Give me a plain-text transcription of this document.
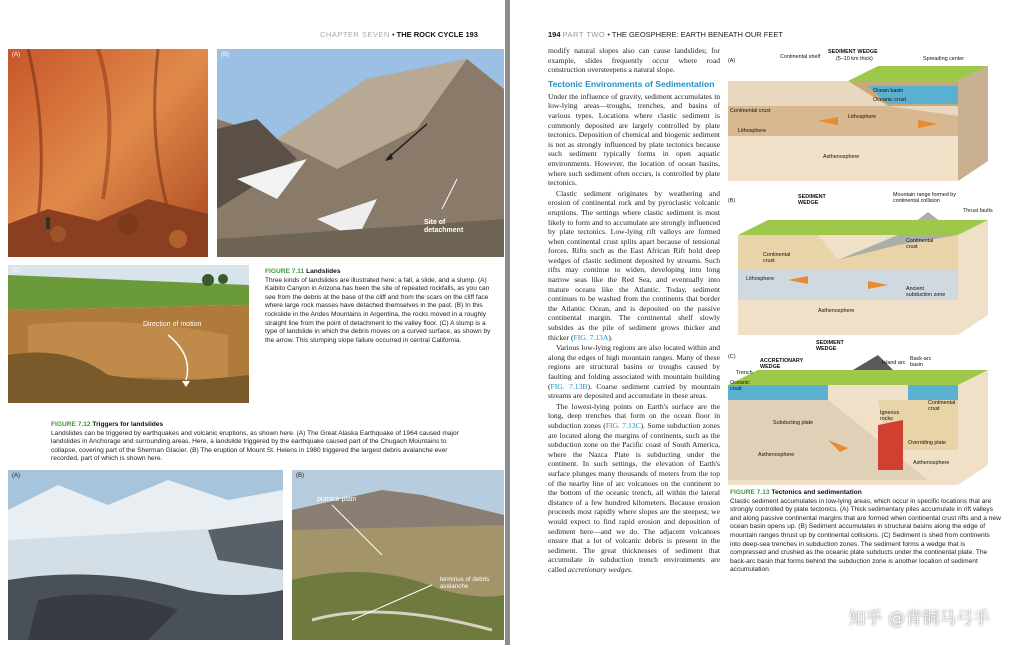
CHAPTER SEVEN • THE ROCK CYCLE 193
(A)	(B)
Site of detachment
(C)
Direction of motion
FIGURE 7.11 Landslides
Three kinds of landslides are illustrated here: a fall, a slide, and a slump. (A) Kaibito Canyon in Arizona has been the site of repeated rockfalls, as you can see from the debris at the base of the cliff and from the scars on the cliff face where large rock masses have detached themselves in the past. (B) In this rockslide in the Andes Mountains in Argentina, the rocks moved in a roughly straight line from the point of detachment to the valley floor. (C) A slump is a type of landslide in which the debris moves on a curved surface, as shown by the arrow. This slumping slope failure occurred in central California.
FIGURE 7.12 Triggers for landslides
Landslides can be triggered by earthquakes and volcanic eruptions, as shown here. (A) The Great Alaska Earthquake of 1964 caused major landslides in Anchorage and surrounding areas. Here, a landslide triggered by the earthquake caused part of the Chugach Mountains to collapse, covering part of the Sherman Glacier. (B) The eruption of Mount St. Helens in 1980 triggered the largest debris avalanche ever recorded, part of which is shown here.
(A)	(B)
pumice plain
terminus of debris avalanche
194 PART TWO • THE GEOSPHERE: EARTH BENEATH OUR FEET

modify natural slopes also can cause landslides; for example, slides frequently occur where road construction oversteepens a natural slope.

Tectonic Environments of Sedimentation

Under the influence of gravity, sediment accumulates in low-lying areas—troughs, trenches, and basins of various types. Locations where clastic sediment is commonly deposited are largely controlled by plate tectonics. Deposition of chemical and biogenic sediment is not as strongly influenced by plate tectonics because such sediment typically forms in open aquatic environments. However, the location of ocean basins, where such sediment often occurs, is controlled by plate tectonics.

Clastic sediment originates by weathering and erosion of continental rock and by pyroclastic volcanic eruptions. The settings where clastic sediment is most likely to form and to accumulate are strongly influenced by plate tectonics. Low-lying rift valleys are formed when continental crust splits apart because of tensional forces. Rifts such as the East African Rift hold deep wedges of clastic sediment deposited by streams. Such rifts may continue to widen, developing into long narrow seas like the Red Sea, and eventually into mature oceans like the Atlantic. Today, sediment continues to be washed from the continents that border the Atlantic Ocean, and is deposited on the passive continental margin. The continental shelf slowly subsides as the pile of sediment grows thicker and thicker (FIG. 7.13A).

Various low-lying regions are also located within and along the edges of high mountain ranges. Many of these regions are structural basins or troughs caused by faulting and folding associated with mountain building (FIG. 7.13B). Coarse sediment carried by mountain streams are deposited and accumulate in these areas.

The lowest-lying points on Earth's surface are the long, deep trenches that form on the ocean floor in subduction zones (FIG. 7.13C). Some subduction zones are located along the margins of continents, such as the subduction zone on the Pacific coast of South America, where the Nazca Plate is subducting under the continent. In such settings, the elevation of Earth's surface plunges many thousands of meters from the top of the nearby line of arc volcanoes on the continent to the bottom of the oceanic trench, all within the lateral distance of a few hundred kilometers. Because erosion proceeds most rapidly where slopes are the steepest, we would expect to find rapid erosion and deposition of sediment here—and we do. The adjacent volcanoes ensure that a lot of volcanic debris is present in the sediment. The great thicknesses of sediment that accumulate in subduction trench environments are called accretionary wedges.

(A)
Continental shelf
SEDIMENT WEDGE
(5–10 km thick)	Spreading center
Ocean basin
Oceanic crust
Continental crust
Lithosphere
Lithosphere
Asthenosphere
(B)
SEDIMENT WEDGE
Mountain range formed by continental collision
Thrust faults
Continental crust
Continental crust
Lithosphere
Ancient subduction zone
Asthenosphere
(C)
SEDIMENT WEDGE
ACCRETIONARY WEDGE
Trench
Island arc
Back-arc basin
Oceanic crust
Continental crust
Subducting plate
Igneous rocks
Overriding plate
Asthenosphere
Asthenosphere
FIGURE 7.13 Tectonics and sedimentation
Clastic sediment accumulates in low-lying areas, which occur in specific locations that are strongly controlled by plate tectonics. (A) Thick sedimentary piles accumulate in rift valleys and along passive continental margins that are formed when continental crust rifts and a new ocean basin opens up. (B) Sediment accumulates in structural basins along the edge of mountain ranges thrust up by continental collisions. (C) Sediment is shed from continents into deep-sea trenches in subduction zones. The sediment forms a wedge that is compressed and crushed as the oceanic plate subducts under the continental plate. The back-arc basin that forms behind the subduction zone is another location of sediment accumulation.
知乎 @青铜马弓手
